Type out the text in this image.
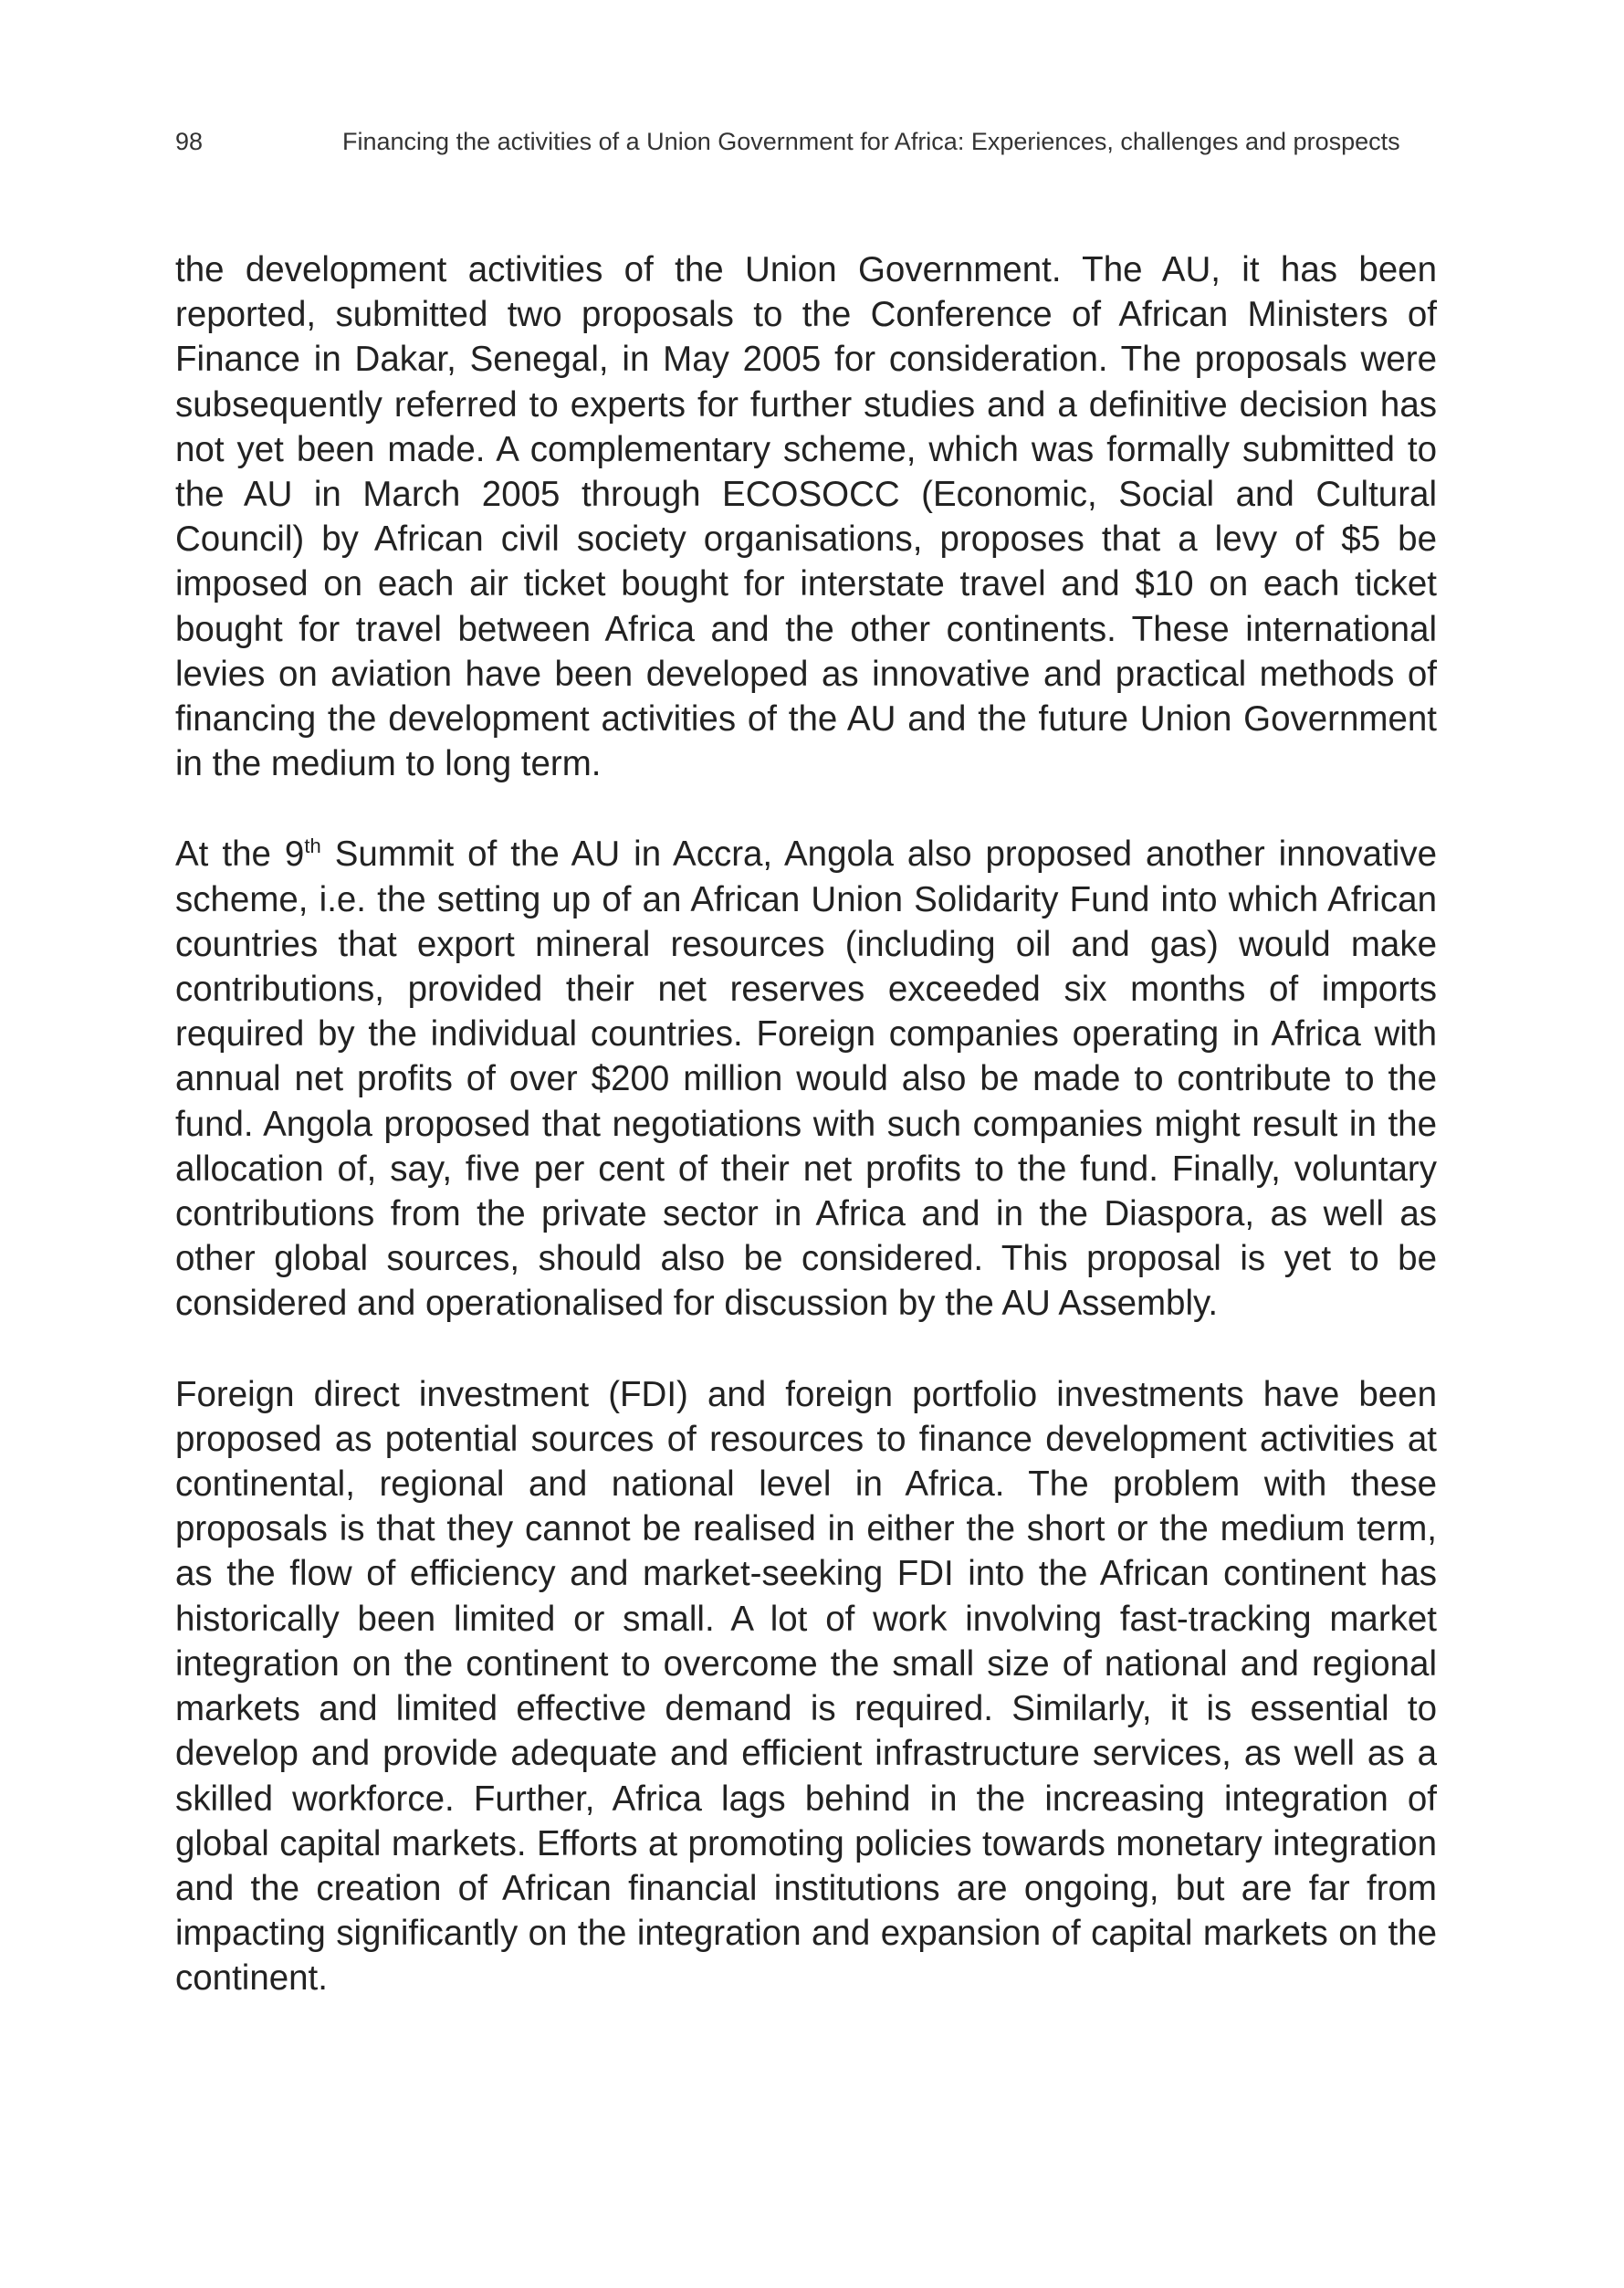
98	Financing the activities of a Union Government for Africa: Experiences, challenges and prospects

the development activities of the Union Government. The AU, it has been reported, submitted two proposals to the Conference of African Ministers of Finance in Dakar, Senegal, in May 2005 for consideration. The proposals were subsequently referred to experts for further studies and a definitive decision has not yet been made. A complementary scheme, which was formally submitted to the AU in March 2005 through ECOSOCC (Economic, Social and Cultural Council) by African civil society organisations, proposes that a levy of $5 be imposed on each air ticket bought for interstate travel and $10 on each ticket bought for travel between Africa and the other continents. These international levies on aviation have been developed as innovative and practical methods of financing the development activities of the AU and the future Union Government in the medium to long term.

At the 9th Summit of the AU in Accra, Angola also proposed another innovative scheme, i.e. the setting up of an African Union Solidarity Fund into which African countries that export mineral resources (including oil and gas) would make contributions, provided their net reserves exceeded six months of imports required by the individual countries. Foreign companies operating in Africa with annual net profits of over $200 million would also be made to contribute to the fund. Angola proposed that negotiations with such companies might result in the allocation of, say, five per cent of their net profits to the fund. Finally, voluntary contributions from the private sector in Africa and in the Diaspora, as well as other global sources, should also be considered. This proposal is yet to be considered and operationalised for discussion by the AU Assembly.

Foreign direct investment (FDI) and foreign portfolio investments have been proposed as potential sources of resources to finance development activities at continental, regional and national level in Africa. The problem with these proposals is that they cannot be realised in either the short or the medium term, as the flow of efficiency and market-seeking FDI into the African continent has historically been limited or small. A lot of work involving fast-tracking market integration on the continent to overcome the small size of national and regional markets and limited effective demand is required. Similarly, it is essential to develop and provide adequate and efficient infrastructure services, as well as a skilled workforce. Further, Africa lags behind in the increasing integration of global capital markets. Efforts at promoting policies towards monetary integration and the creation of African financial institutions are ongoing, but are far from impacting significantly on the integration and expansion of capital markets on the continent.
